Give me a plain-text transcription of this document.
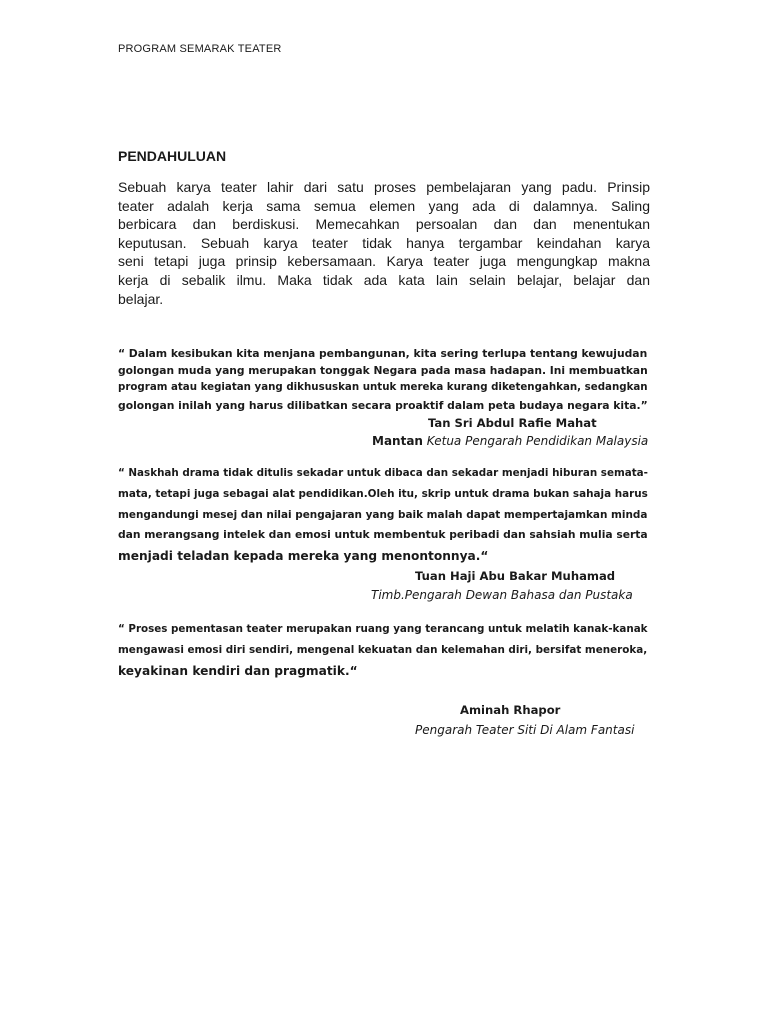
PROGRAM SEMARAK TEATER
PENDAHULUAN
Sebuah karya teater lahir dari satu proses pembelajaran yang padu. Prinsip
teater adalah kerja sama semua elemen yang ada di dalamnya. Saling
berbicara dan berdiskusi. Memecahkan persoalan dan dan menentukan
keputusan. Sebuah karya teater tidak hanya tergambar keindahan karya
seni tetapi juga prinsip kebersamaan. Karya teater juga mengungkap makna
kerja di sebalik ilmu. Maka tidak ada kata lain selain belajar, belajar dan
belajar.
“ Dalam kesibukan kita menjana pembangunan, kita sering terlupa tentang kewujudan
golongan muda yang merupakan tonggak Negara pada masa hadapan. Ini membuatkan
program atau kegiatan yang dikhususkan untuk mereka kurang diketengahkan, sedangkan
golongan inilah yang harus dilibatkan secara proaktif dalam peta budaya negara kita.”
Tan Sri Abdul Rafie Mahat
Mantan Ketua Pengarah Pendidikan Malaysia
“ Naskhah drama tidak ditulis sekadar untuk dibaca dan sekadar menjadi hiburan semata-
mata, tetapi juga sebagai alat pendidikan.Oleh itu, skrip untuk drama bukan sahaja harus
mengandungi mesej dan nilai pengajaran yang baik malah dapat mempertajamkan minda
dan merangsang intelek dan emosi untuk membentuk peribadi dan sahsiah mulia serta
menjadi teladan kepada mereka yang menontonnya.“
Tuan Haji Abu Bakar Muhamad
Timb.Pengarah Dewan Bahasa dan Pustaka
“ Proses pementasan teater merupakan ruang yang terancang untuk melatih kanak-kanak
mengawasi emosi diri sendiri, mengenal kekuatan dan kelemahan diri, bersifat meneroka,
keyakinan kendiri dan pragmatik.“
Aminah Rhapor
Pengarah Teater Siti Di Alam Fantasi
